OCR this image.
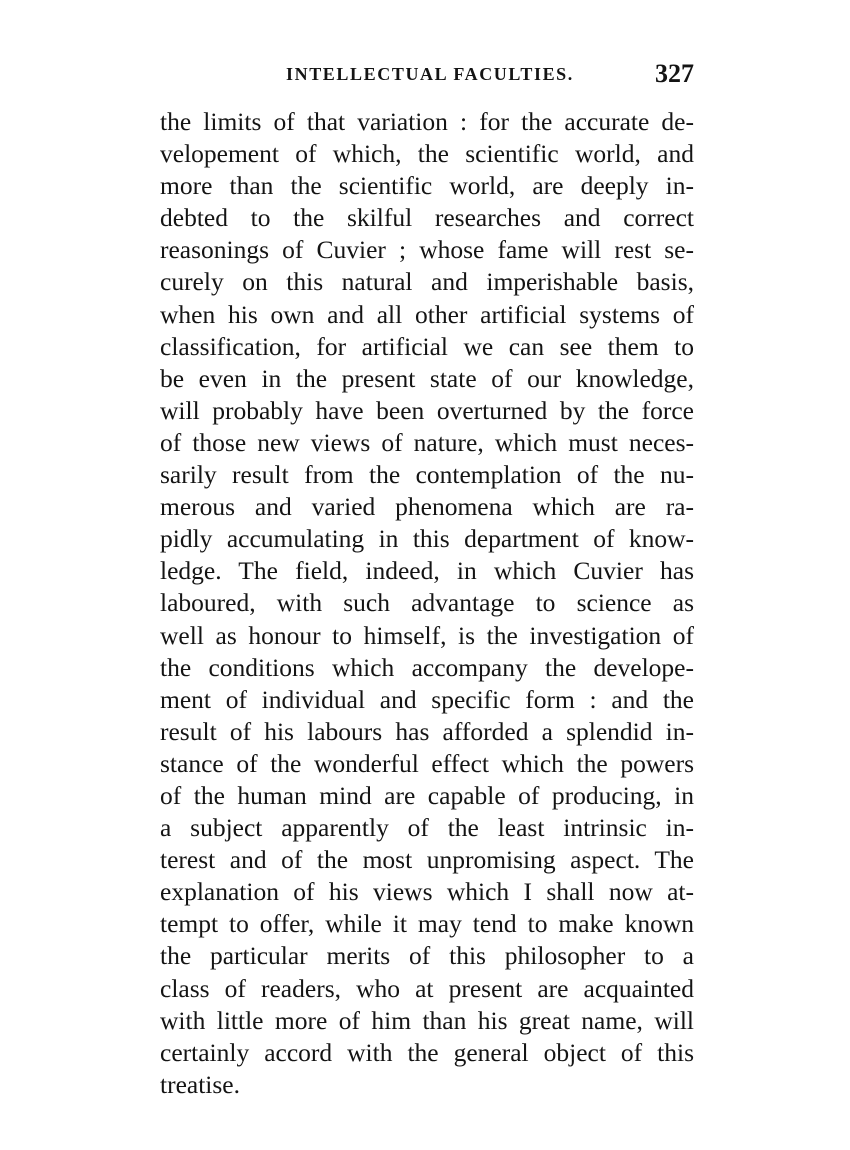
INTELLECTUAL FACULTIES.	327
the limits of that variation : for the accurate de-
velopement of which, the scientific world, and
more than the scientific world, are deeply in-
debted to the skilful researches and correct
reasonings of Cuvier ; whose fame will rest se-
curely on this natural and imperishable basis,
when his own and all other artificial systems of
classification, for artificial we can see them to
be even in the present state of our knowledge,
will probably have been overturned by the force
of those new views of nature, which must neces-
sarily result from the contemplation of the nu-
merous and varied phenomena which are ra-
pidly accumulating in this department of know-
ledge. The field, indeed, in which Cuvier has
laboured, with such advantage to science as
well as honour to himself, is the investigation of
the conditions which accompany the develope-
ment of individual and specific form : and the
result of his labours has afforded a splendid in-
stance of the wonderful effect which the powers
of the human mind are capable of producing, in
a subject apparently of the least intrinsic in-
terest and of the most unpromising aspect. The
explanation of his views which I shall now at-
tempt to offer, while it may tend to make known
the particular merits of this philosopher to a
class of readers, who at present are acquainted
with little more of him than his great name, will
certainly accord with the general object of this
treatise.
